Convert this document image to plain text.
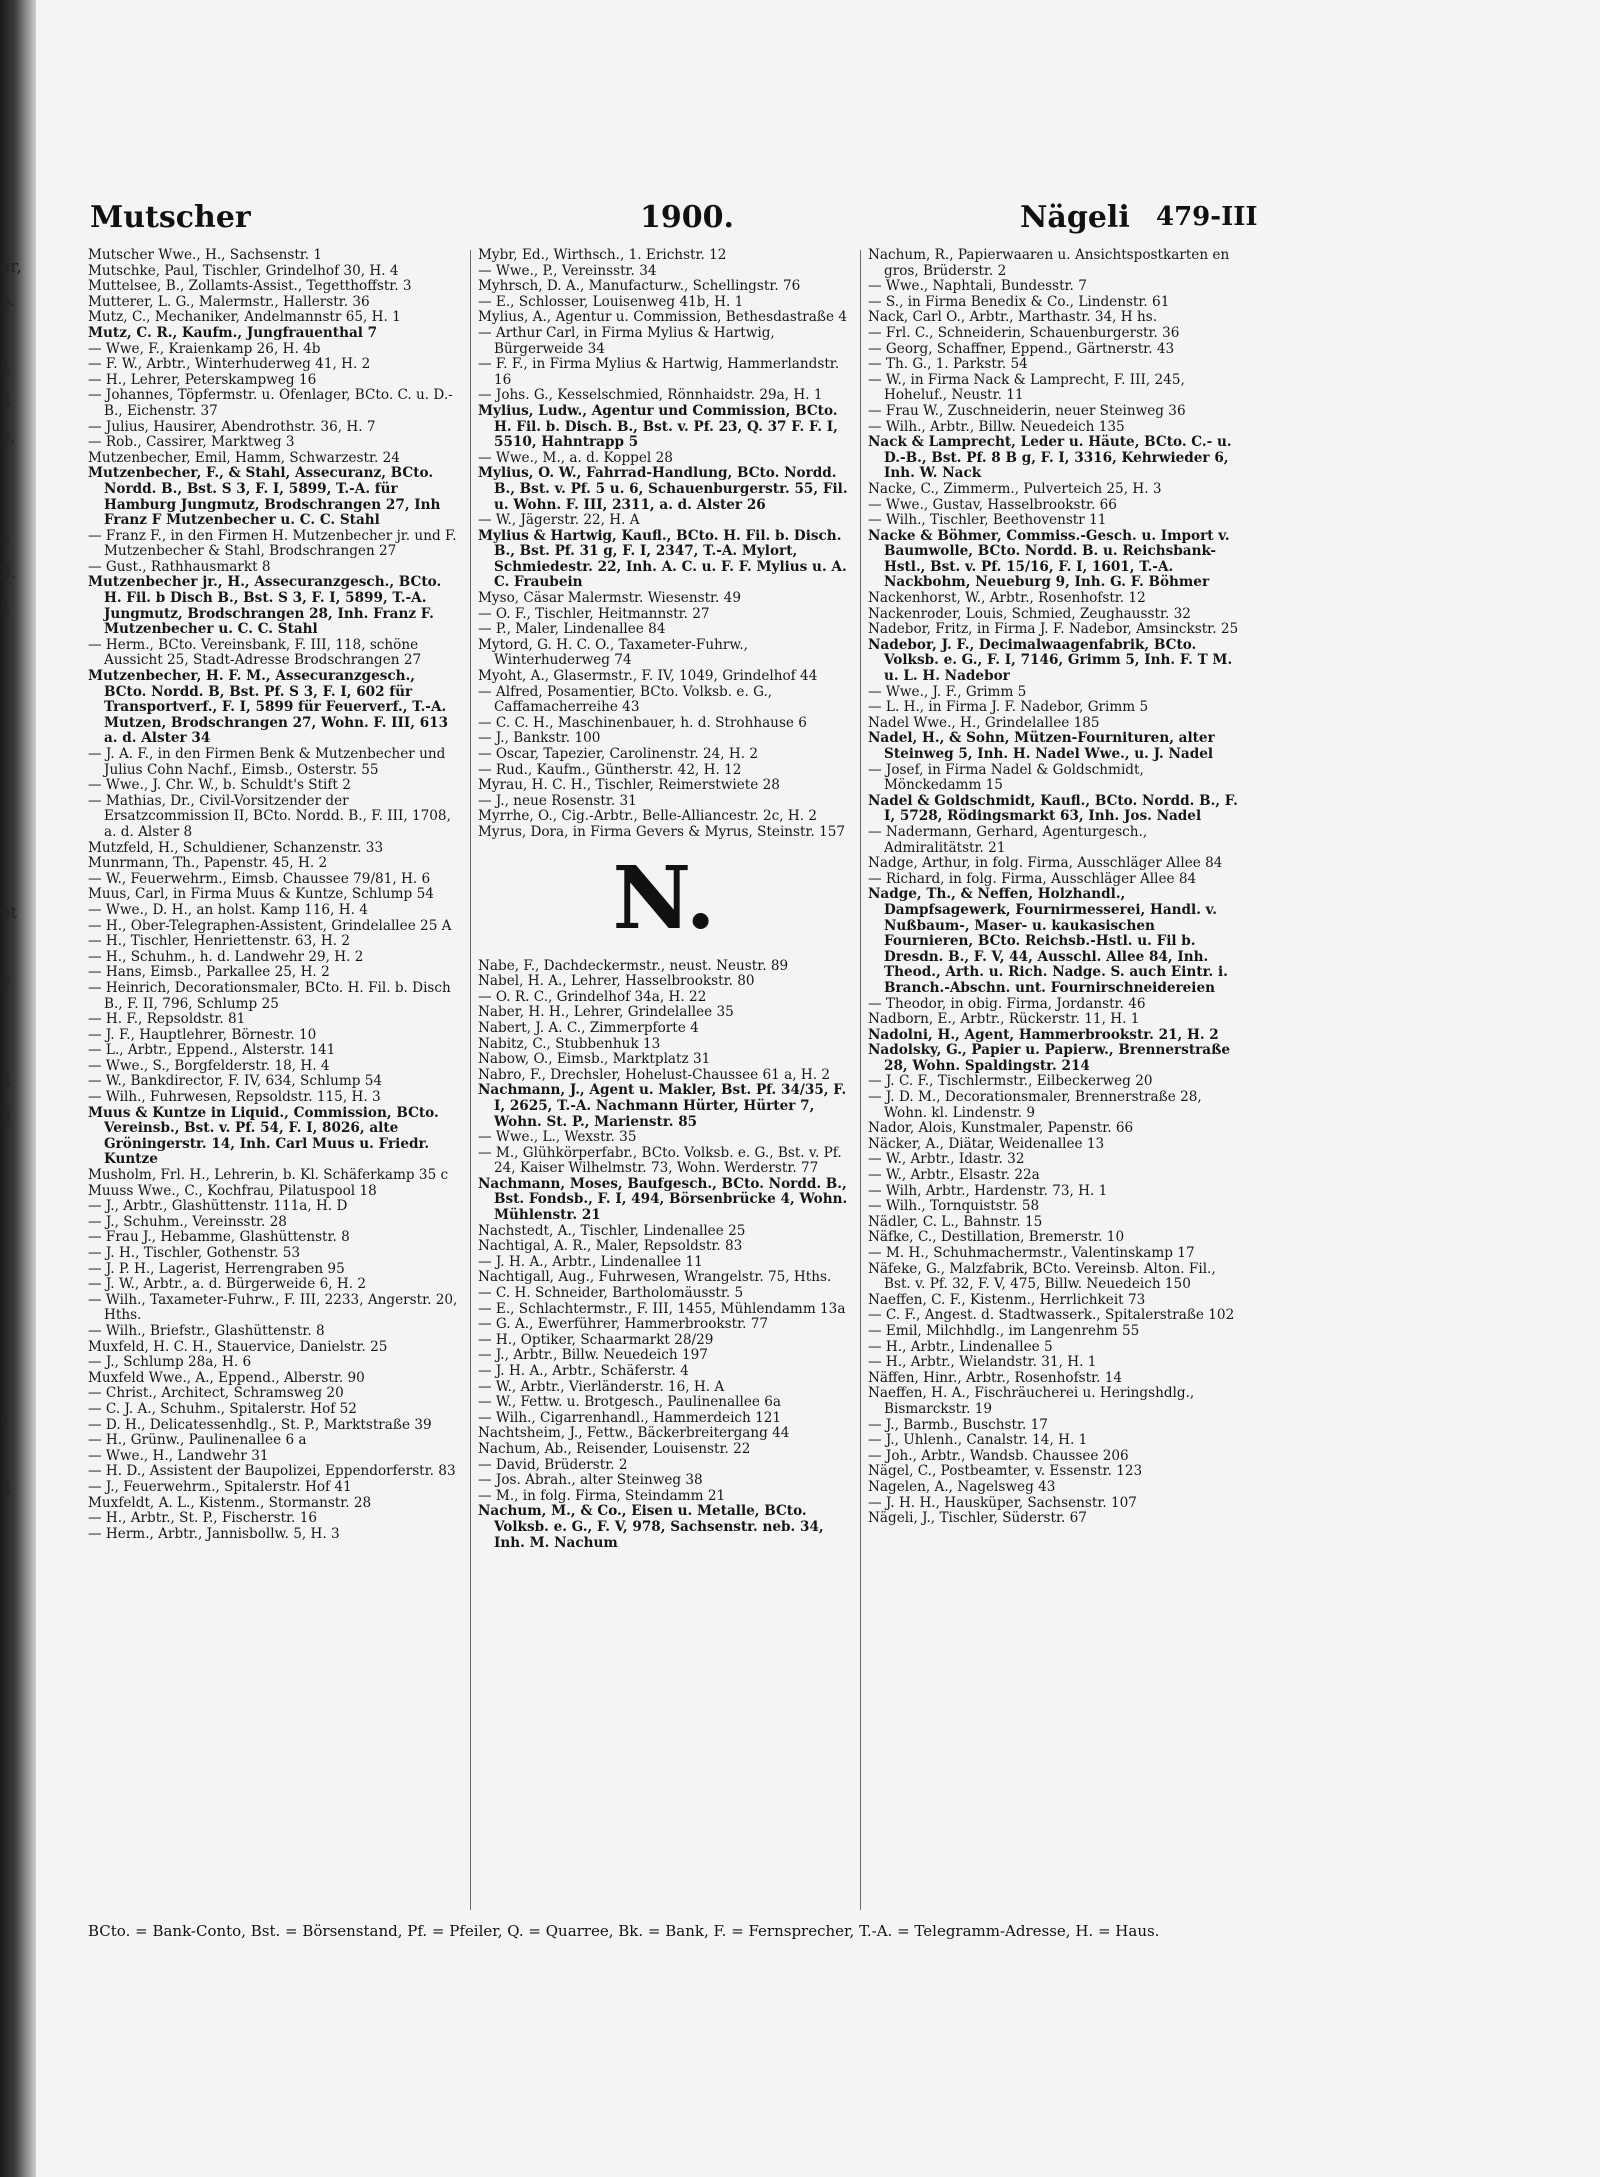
er,
o.
f.
3
e,
l.
3.
f.
ot
c
3
8
f
3
Mutscher	1900.	Nägeli 479-III
Mutscher Wwe., H., Sachsenstr. 1
Mutschke, Paul, Tischler, Grindelhof 30, H. 4
Muttelsee, B., Zollamts-Assist., Tegetthoffstr. 3
Mutterer, L. G., Malermstr., Hallerstr. 36
Mutz, C., Mechaniker, Andelmannstr 65, H. 1
Mutz, C. R., Kaufm., Jungfrauenthal 7
— Wwe, F., Kraienkamp 26, H. 4b
— F. W., Arbtr., Winterhuderweg 41, H. 2
— H., Lehrer, Peterskampweg 16
— Johannes, Töpfermstr. u. Ofenlager, BCto. C. u. D.-B., Eichenstr. 37
— Julius, Hausirer, Abendrothstr. 36, H. 7
— Rob., Cassirer, Marktweg 3
Mutzenbecher, Emil, Hamm, Schwarzestr. 24
Mutzenbecher, F., & Stahl, Assecuranz, BCto. Nordd. B., Bst. S 3, F. I, 5899, T.-A. für Hamburg Jungmutz, Brodschrangen 27, Inh Franz F Mutzenbecher u. C. C. Stahl
— Franz F., in den Firmen H. Mutzenbecher jr. und F. Mutzenbecher & Stahl, Brodschrangen 27
— Gust., Rathhausmarkt 8
Mutzenbecher jr., H., Assecuranzgesch., BCto. H. Fil. b Disch B., Bst. S 3, F. I, 5899, T.-A. Jungmutz, Brodschrangen 28, Inh. Franz F. Mutzenbecher u. C. C. Stahl
— Herm., BCto. Vereinsbank, F. III, 118, schöne Aussicht 25, Stadt-Adresse Brodschrangen 27
Mutzenbecher, H. F. M., Assecuranzgesch., BCto. Nordd. B, Bst. Pf. S 3, F. I, 602 für Transportverf., F. I, 5899 für Feuerverf., T.-A. Mutzen, Brodschrangen 27, Wohn. F. III, 613 a. d. Alster 34
— J. A. F., in den Firmen Benk & Mutzenbecher und Julius Cohn Nachf., Eimsb., Osterstr. 55
— Wwe., J. Chr. W., b. Schuldt's Stift 2
— Mathias, Dr., Civil-Vorsitzender der Ersatzcommission II, BCto. Nordd. B., F. III, 1708, a. d. Alster 8
Mutzfeld, H., Schuldiener, Schanzenstr. 33
Munrmann, Th., Papenstr. 45, H. 2
— W., Feuerwehrm., Eimsb. Chaussee 79/81, H. 6
Muus, Carl, in Firma Muus & Kuntze, Schlump 54
— Wwe., D. H., an holst. Kamp 116, H. 4
— H., Ober-Telegraphen-Assistent, Grindelallee 25 A
— H., Tischler, Henriettenstr. 63, H. 2
— H., Schuhm., h. d. Landwehr 29, H. 2
— Hans, Eimsb., Parkallee 25, H. 2
— Heinrich, Decorationsmaler, BCto. H. Fil. b. Disch B., F. II, 796, Schlump 25
— H. F., Repsoldstr. 81
— J. F., Hauptlehrer, Börnestr. 10
— L., Arbtr., Eppend., Alsterstr. 141
— Wwe., S., Borgfelderstr. 18, H. 4
— W., Bankdirector, F. IV, 634, Schlump 54
— Wilh., Fuhrwesen, Repsoldstr. 115, H. 3
Muus & Kuntze in Liquid., Commission, BCto. Vereinsb., Bst. v. Pf. 54, F. I, 8026, alte Gröningerstr. 14, Inh. Carl Muus u. Friedr. Kuntze
Musholm, Frl. H., Lehrerin, b. Kl. Schäferkamp 35 c
Muuss Wwe., C., Kochfrau, Pilatuspool 18
— J., Arbtr., Glashüttenstr. 111a, H. D
— J., Schuhm., Vereinsstr. 28
— Frau J., Hebamme, Glashüttenstr. 8
— J. H., Tischler, Gothenstr. 53
— J. P. H., Lagerist, Herrengraben 95
— J. W., Arbtr., a. d. Bürgerweide 6, H. 2
— Wilh., Taxameter-Fuhrw., F. III, 2233, Angerstr. 20, Hths.
— Wilh., Briefstr., Glashüttenstr. 8
Muxfeld, H. C. H., Stauervice, Danielstr. 25
— J., Schlump 28a, H. 6
Muxfeld Wwe., A., Eppend., Alberstr. 90
— Christ., Architect, Schramsweg 20
— C. J. A., Schuhm., Spitalerstr. Hof 52
— D. H., Delicatessenhdlg., St. P., Marktstraße 39
— H., Grünw., Paulinenallee 6 a
— Wwe., H., Landwehr 31
— H. D., Assistent der Baupolizei, Eppendorferstr. 83
— J., Feuerwehrm., Spitalerstr. Hof 41
Muxfeldt, A. L., Kistenm., Stormanstr. 28
— H., Arbtr., St. P., Fischerstr. 16
— Herm., Arbtr., Jannisbollw. 5, H. 3
Mybr, Ed., Wirthsch., 1. Erichstr. 12
— Wwe., P., Vereinsstr. 34
Myhrsch, D. A., Manufacturw., Schellingstr. 76
— E., Schlosser, Louisenweg 41b, H. 1
Mylius, A., Agentur u. Commission, Bethesdastraße 4
— Arthur Carl, in Firma Mylius & Hartwig, Bürgerweide 34
— F. F., in Firma Mylius & Hartwig, Hammerlandstr. 16
— Johs. G., Kesselschmied, Rönnhaidstr. 29a, H. 1
Mylius, Ludw., Agentur und Commission, BCto. H. Fil. b. Disch. B., Bst. v. Pf. 23, Q. 37 F. F. I, 5510, Hahntrapp 5
— Wwe., M., a. d. Koppel 28
Mylius, O. W., Fahrrad-Handlung, BCto. Nordd. B., Bst. v. Pf. 5 u. 6, Schauenburgerstr. 55, Fil. u. Wohn. F. III, 2311, a. d. Alster 26
— W., Jägerstr. 22, H. A
Mylius & Hartwig, Kaufl., BCto. H. Fil. b. Disch. B., Bst. Pf. 31 g, F. I, 2347, T.-A. Mylort, Schmiedestr. 22, Inh. A. C. u. F. F. Mylius u. A. C. Fraubein
Myso, Cäsar Malermstr. Wiesenstr. 49
— O. F., Tischler, Heitmannstr. 27
— P., Maler, Lindenallee 84
Mytord, G. H. C. O., Taxameter-Fuhrw., Winterhuderweg 74
Myoht, A., Glasermstr., F. IV, 1049, Grindelhof 44
— Alfred, Posamentier, BCto. Volksb. e. G., Caffamacherreihe 43
— C. C. H., Maschinenbauer, h. d. Strohhause 6
— J., Bankstr. 100
— Oscar, Tapezier, Carolinenstr. 24, H. 2
— Rud., Kaufm., Güntherstr. 42, H. 12
Myrau, H. C. H., Tischler, Reimerstwiete 28
— J., neue Rosenstr. 31
Myrrhe, O., Cig.-Arbtr., Belle-Alliancestr. 2c, H. 2
Myrus, Dora, in Firma Gevers & Myrus, Steinstr. 157
N.
Nabe, F., Dachdeckermstr., neust. Neustr. 89
Nabel, H. A., Lehrer, Hasselbrookstr. 80
— O. R. C., Grindelhof 34a, H. 22
Naber, H. H., Lehrer, Grindelallee 35
Nabert, J. A. C., Zimmerpforte 4
Nabitz, C., Stubbenhuk 13
Nabow, O., Eimsb., Marktplatz 31
Nabro, F., Drechsler, Hohelust-Chaussee 61 a, H. 2
Nachmann, J., Agent u. Makler, Bst. Pf. 34/35, F. I, 2625, T.-A. Nachmann Hürter, Hürter 7, Wohn. St. P., Marienstr. 85
— Wwe., L., Wexstr. 35
— M., Glühkörperfabr., BCto. Volksb. e. G., Bst. v. Pf. 24, Kaiser Wilhelmstr. 73, Wohn. Werderstr. 77
Nachmann, Moses, Baufgesch., BCto. Nordd. B., Bst. Fondsb., F. I, 494, Börsenbrücke 4, Wohn. Mühlenstr. 21
Nachstedt, A., Tischler, Lindenallee 25
Nachtigal, A. R., Maler, Repsoldstr. 83
— J. H. A., Arbtr., Lindenallee 11
Nachtigall, Aug., Fuhrwesen, Wrangelstr. 75, Hths.
— C. H. Schneider, Bartholomäusstr. 5
— E., Schlachtermstr., F. III, 1455, Mühlendamm 13a
— G. A., Ewerführer, Hammerbrookstr. 77
— H., Optiker, Schaarmarkt 28/29
— J., Arbtr., Billw. Neuedeich 197
— J. H. A., Arbtr., Schäferstr. 4
— W., Arbtr., Vierländerstr. 16, H. A
— W., Fettw. u. Brotgesch., Paulinenallee 6a
— Wilh., Cigarrenhandl., Hammerdeich 121
Nachtsheim, J., Fettw., Bäckerbreitergang 44
Nachum, Ab., Reisender, Louisenstr. 22
— David, Brüderstr. 2
— Jos. Abrah., alter Steinweg 38
— M., in folg. Firma, Steindamm 21
Nachum, M., & Co., Eisen u. Metalle, BCto. Volksb. e. G., F. V, 978, Sachsenstr. neb. 34, Inh. M. Nachum
Nachum, R., Papierwaaren u. Ansichtspostkarten en gros, Brüderstr. 2
— Wwe., Naphtali, Bundesstr. 7
— S., in Firma Benedix & Co., Lindenstr. 61
Nack, Carl O., Arbtr., Marthastr. 34, H hs.
— Frl. C., Schneiderin, Schauenburgerstr. 36
— Georg, Schaffner, Eppend., Gärtnerstr. 43
— Th. G., 1. Parkstr. 54
— W., in Firma Nack & Lamprecht, F. III, 245, Hoheluf., Neustr. 11
— Frau W., Zuschneiderin, neuer Steinweg 36
— Wilh., Arbtr., Billw. Neuedeich 135
Nack & Lamprecht, Leder u. Häute, BCto. C.- u. D.-B., Bst. Pf. 8 B g, F. I, 3316, Kehrwieder 6, Inh. W. Nack
Nacke, C., Zimmerm., Pulverteich 25, H. 3
— Wwe., Gustav, Hasselbrookstr. 66
— Wilh., Tischler, Beethovenstr 11
Nacke & Böhmer, Commiss.-Gesch. u. Import v. Baumwolle, BCto. Nordd. B. u. Reichsbank-Hstl., Bst. v. Pf. 15/16, F. I, 1601, T.-A. Nackbohm, Neueburg 9, Inh. G. F. Böhmer
Nackenhorst, W., Arbtr., Rosenhofstr. 12
Nackenroder, Louis, Schmied, Zeughausstr. 32
Nadebor, Fritz, in Firma J. F. Nadebor, Amsinckstr. 25
Nadebor, J. F., Decimalwaagenfabrik, BCto. Volksb. e. G., F. I, 7146, Grimm 5, Inh. F. T M. u. L. H. Nadebor
— Wwe., J. F., Grimm 5
— L. H., in Firma J. F. Nadebor, Grimm 5
Nadel Wwe., H., Grindelallee 185
Nadel, H., & Sohn, Mützen-Fournituren, alter Steinweg 5, Inh. H. Nadel Wwe., u. J. Nadel
— Josef, in Firma Nadel & Goldschmidt, Mönckedamm 15
Nadel & Goldschmidt, Kaufl., BCto. Nordd. B., F. I, 5728, Rödingsmarkt 63, Inh. Jos. Nadel
— Nadermann, Gerhard, Agenturgesch., Admiralitätstr. 21
Nadge, Arthur, in folg. Firma, Ausschläger Allee 84
— Richard, in folg. Firma, Ausschläger Allee 84
Nadge, Th., & Neffen, Holzhandl., Dampfsagewerk, Fournirmesserei, Handl. v. Nußbaum-, Maser- u. kaukasischen Fournieren, BCto. Reichsb.-Hstl. u. Fil b. Dresdn. B., F. V, 44, Ausschl. Allee 84, Inh. Theod., Arth. u. Rich. Nadge. S. auch Eintr. i. Branch.-Abschn. unt. Fournirschneidereien
— Theodor, in obig. Firma, Jordanstr. 46
Nadborn, E., Arbtr., Rückerstr. 11, H. 1
Nadolni, H., Agent, Hammerbrookstr. 21, H. 2
Nadolsky, G., Papier u. Papierw., Brennerstraße 28, Wohn. Spaldingstr. 214
— J. C. F., Tischlermstr., Eilbeckerweg 20
— J. D. M., Decorationsmaler, Brennerstraße 28, Wohn. kl. Lindenstr. 9
Nador, Alois, Kunstmaler, Papenstr. 66
Näcker, A., Diätar, Weidenallee 13
— W., Arbtr., Idastr. 32
— W., Arbtr., Elsastr. 22a
— Wilh, Arbtr., Hardenstr. 73, H. 1
— Wilh., Tornquiststr. 58
Nädler, C. L., Bahnstr. 15
Näfke, C., Destillation, Bremerstr. 10
— M. H., Schuhmachermstr., Valentinskamp 17
Näfeke, G., Malzfabrik, BCto. Vereinsb. Alton. Fil., Bst. v. Pf. 32, F. V, 475, Billw. Neuedeich 150
Naeffen, C. F., Kistenm., Herrlichkeit 73
— C. F., Angest. d. Stadtwasserk., Spitalerstraße 102
— Emil, Milchhdlg., im Langenrehm 55
— H., Arbtr., Lindenallee 5
— H., Arbtr., Wielandstr. 31, H. 1
Näffen, Hinr., Arbtr., Rosenhofstr. 14
Naeffen, H. A., Fischräucherei u. Heringshdlg., Bismarckstr. 19
— J., Barmb., Buschstr. 17
— J., Uhlenh., Canalstr. 14, H. 1
— Joh., Arbtr., Wandsb. Chaussee 206
Nägel, C., Postbeamter, v. Essenstr. 123
Nagelen, A., Nagelsweg 43
— J. H. H., Hausküper, Sachsenstr. 107
Nägeli, J., Tischler, Süderstr. 67
BCto. = Bank-Conto, Bst. = Börsenstand, Pf. = Pfeiler, Q. = Quarree, Bk. = Bank, F. = Fernsprecher, T.-A. = Telegramm-Adresse, H. = Haus.
